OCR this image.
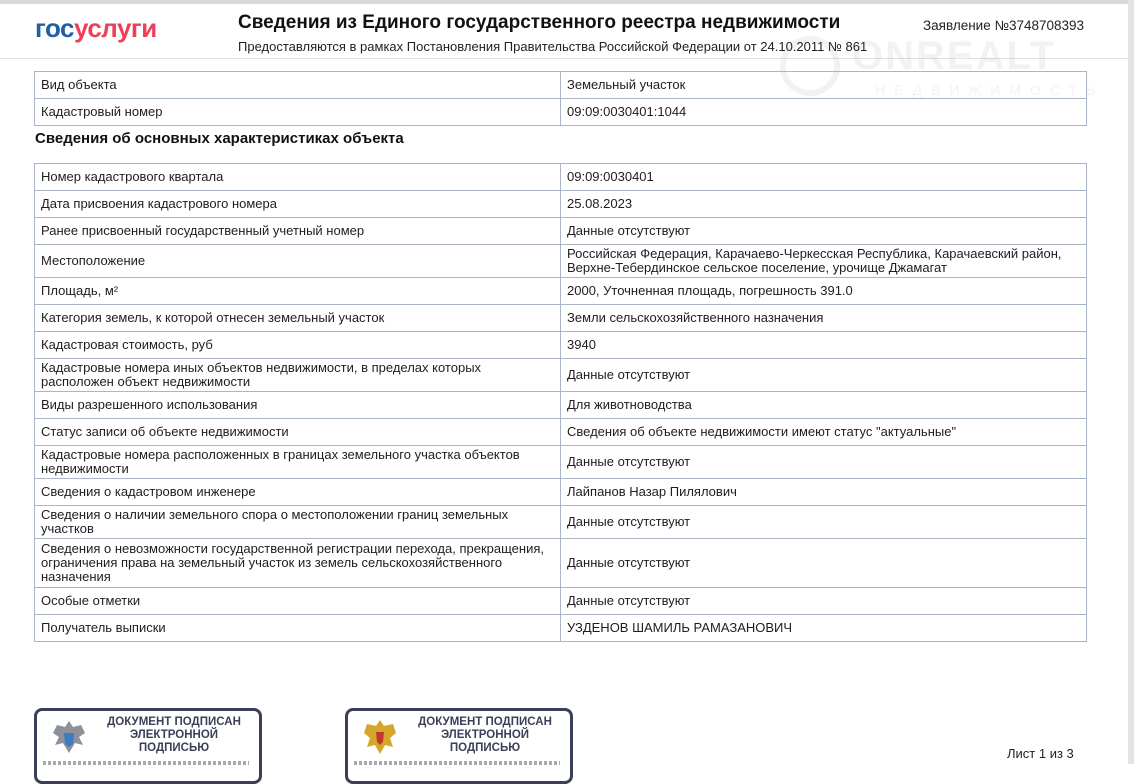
госуслуги	Сведения из Единого государственного реестра недвижимости
Предоставляются в рамках Постановления Правительства Российской Федерации от 24.10.2011 № 861
Заявление №3748708393
НЕДВИЖИМОСТЬ
Вид объекта	Земельный участок
Кадастровый номер	09:09:0030401:1044
Сведения об основных характеристиках объекта
Номер кадастрового квартала	09:09:0030401
Дата присвоения кадастрового номера	25.08.2023
Ранее присвоенный государственный учетный номер	Данные отсутствуют
Местоположение	Российская Федерация, Карачаево-Черкесская Республика, Карачаевский район, Верхне-Тебердинское сельское поселение, урочище Джамагат
Площадь, м²	2000, Уточненная площадь, погрешность 391.0
Категория земель, к которой отнесен земельный участок	Земли сельскохозяйственного назначения
Кадастровая стоимость, руб	3940
Кадастровые номера иных объектов недвижимости, в пределах которых расположен объект недвижимости	Данные отсутствуют
Виды разрешенного использования	Для животноводства
Статус записи об объекте недвижимости	Сведения об объекте недвижимости имеют статус "актуальные"
Кадастровые номера расположенных в границах земельного участка объектов недвижимости	Данные отсутствуют
Сведения о кадастровом инженере	Лайпанов Назар Пилялович
Сведения о наличии земельного спора о местоположении границ земельных участков	Данные отсутствуют
Сведения о невозможности государственной регистрации перехода, прекращения, ограничения права на земельный участок из земель сельскохозяйственного назначения	Данные отсутствуют
Особые отметки	Данные отсутствуют
Получатель выписки	УЗДЕНОВ ШАМИЛЬ РАМАЗАНОВИЧ
ДОКУМЕНТ ПОДПИСАН ЭЛЕКТРОННОЙ ПОДПИСЬЮ
ДОКУМЕНТ ПОДПИСАН ЭЛЕКТРОННОЙ ПОДПИСЬЮ	Лист 1 из 3
